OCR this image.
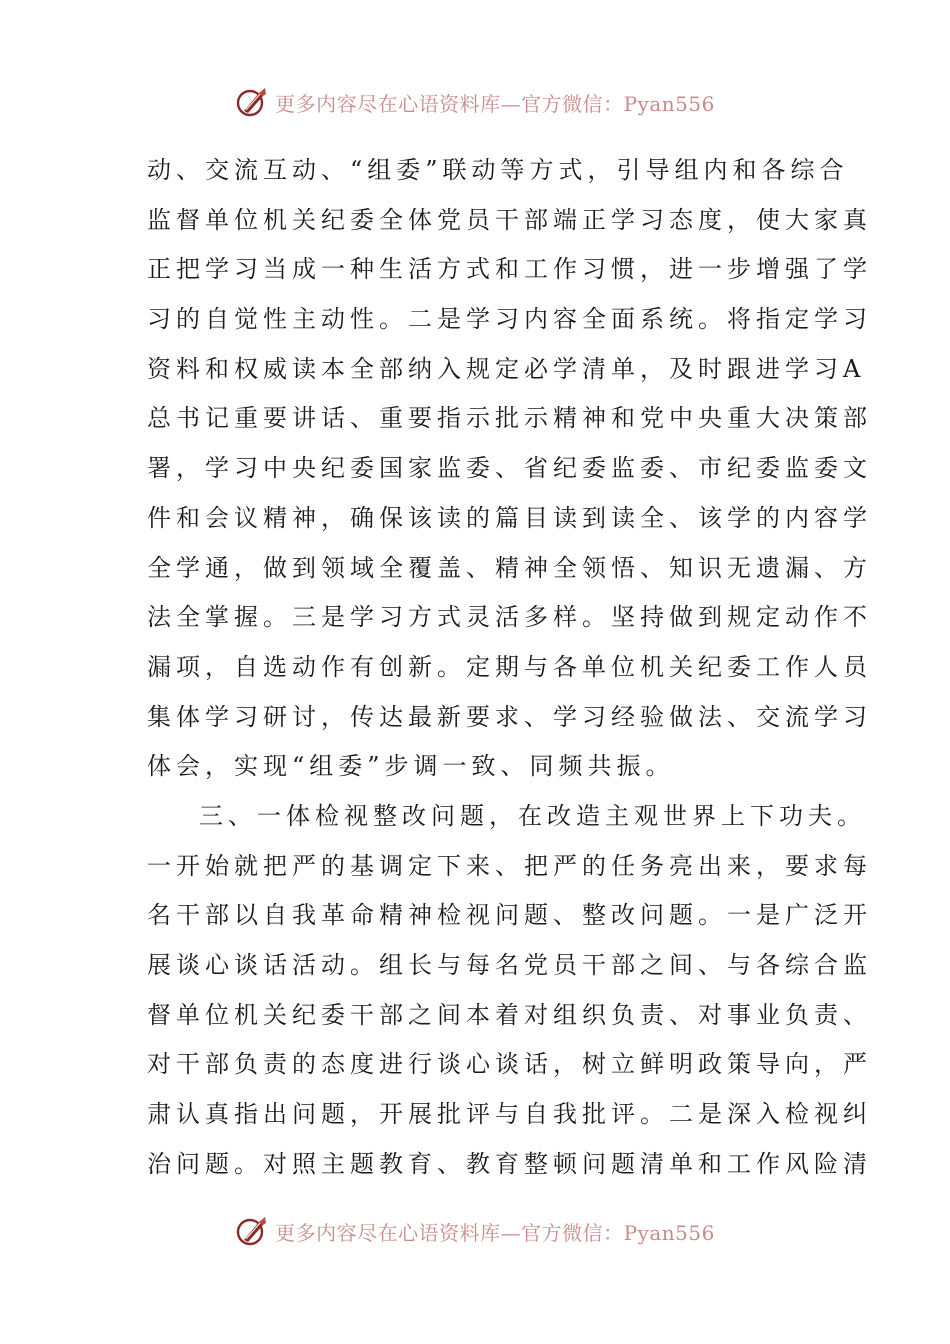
更多内容尽在心语资料库—官方微信：Pyan556
动、交流互动、“组委”联动等方式，引导组内和各综合
监督单位机关纪委全体党员干部端正学习态度，使大家真
正把学习当成一种生活方式和工作习惯，进一步增强了学
习的自觉性主动性。二是学习内容全面系统。将指定学习
资料和权威读本全部纳入规定必学清单，及时跟进学习A
总书记重要讲话、重要指示批示精神和党中央重大决策部
署，学习中央纪委国家监委、省纪委监委、市纪委监委文
件和会议精神，确保该读的篇目读到读全、该学的内容学
全学通，做到领域全覆盖、精神全领悟、知识无遗漏、方
法全掌握。三是学习方式灵活多样。坚持做到规定动作不
漏项，自选动作有创新。定期与各单位机关纪委工作人员
集体学习研讨，传达最新要求、学习经验做法、交流学习
体会，实现“组委”步调一致、同频共振。
三、一体检视整改问题，在改造主观世界上下功夫。
一开始就把严的基调定下来、把严的任务亮出来，要求每
名干部以自我革命精神检视问题、整改问题。一是广泛开
展谈心谈话活动。组长与每名党员干部之间、与各综合监
督单位机关纪委干部之间本着对组织负责、对事业负责、
对干部负责的态度进行谈心谈话，树立鲜明政策导向，严
肃认真指出问题，开展批评与自我批评。二是深入检视纠
治问题。对照主题教育、教育整顿问题清单和工作风险清
更多内容尽在心语资料库—官方微信：Pyan556
